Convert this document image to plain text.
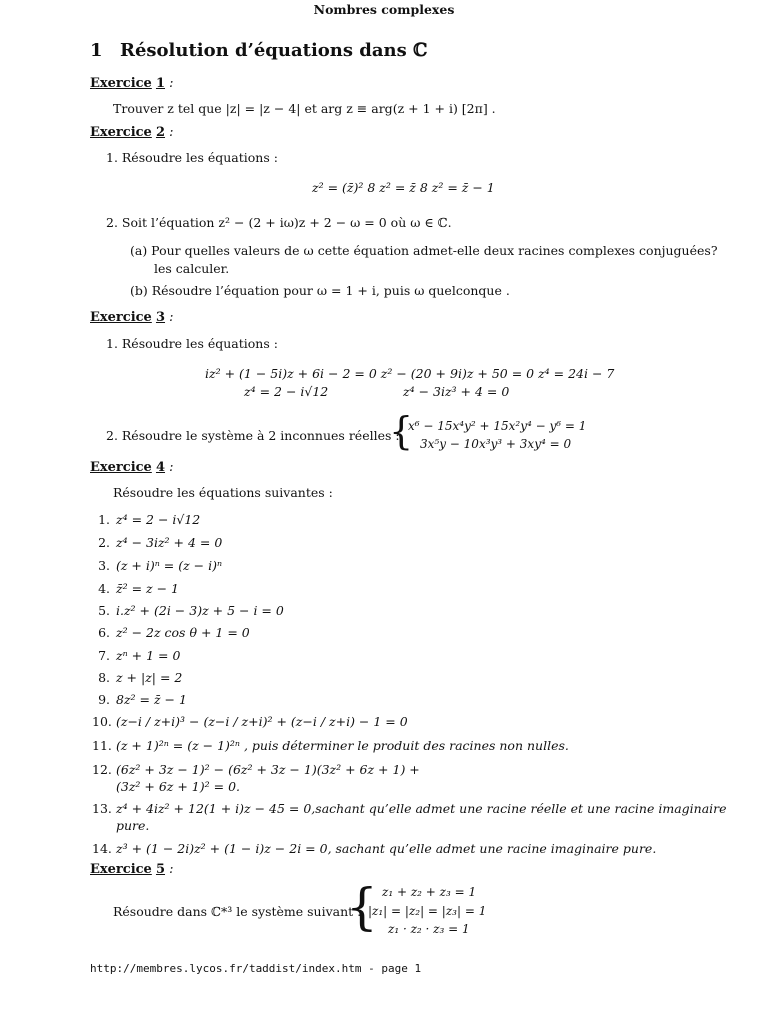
Nombres complexes
1 Résolution d’équations dans ℂ
Exercice 1 :
Trouver z tel que |z| = |z − 4| et arg z ≡ arg(z + 1 + i) [2π] .
Exercice 2 :
1. Résoudre les équations :
z² = (z̄)² 8 z² = z̄ 8 z² = z̄ − 1
2. Soit l’équation z² − (2 + iω)z + 2 − ω = 0 où ω ∈ ℂ.
(a) Pour quelles valeurs de ω cette équation admet-elle deux racines complexes conjuguées?
les calculer.
(b) Résoudre l’équation pour ω = 1 + i, puis ω quelconque .
Exercice 3 :
1. Résoudre les équations :
iz² + (1 − 5i)z + 6i − 2 = 0 z² − (20 + 9i)z + 50 = 0 z⁴ = 24i − 7
z⁴ = 2 − i√12	z⁴ − 3iz³ + 4 = 0
2. Résoudre le système à 2 inconnues réelles :
{
x⁶ − 15x⁴y² + 15x²y⁴ − y⁶ = 1
3x⁵y − 10x³y³ + 3xy⁴ = 0
Exercice 4 :
Résoudre les équations suivantes :
1. z⁴ = 2 − i√12
2. z⁴ − 3iz² + 4 = 0
3. (z + i)ⁿ = (z − i)ⁿ
4. z̄² = z − 1
5. i.z² + (2i − 3)z + 5 − i = 0
6. z² − 2z cos θ + 1 = 0
7. zⁿ + 1 = 0
8. z + |z| = 2
9. 8z² = z̄ − 1
10. (z−i / z+i)³ − (z−i / z+i)² + (z−i / z+i) − 1 = 0
11. (z + 1)²ⁿ = (z − 1)²ⁿ , puis déterminer le produit des racines non nulles.
12. (6z² + 3z − 1)² − (6z² + 3z − 1)(3z² + 6z + 1) +
(3z² + 6z + 1)² = 0.
13. z⁴ + 4iz² + 12(1 + i)z − 45 = 0,sachant qu’elle admet une racine réelle et une racine imaginaire
pure.
14. z³ + (1 − 2i)z² + (1 − i)z − 2i = 0, sachant qu’elle admet une racine imaginaire pure.
Exercice 5 :
Résoudre dans ℂ*³ le système suivant :
{ z₁ + z₂ + z₃ = 1
|z₁| = |z₂| = |z₃| = 1
z₁ · z₂ · z₃ = 1
http://membres.lycos.fr/taddist/index.htm - page 1
